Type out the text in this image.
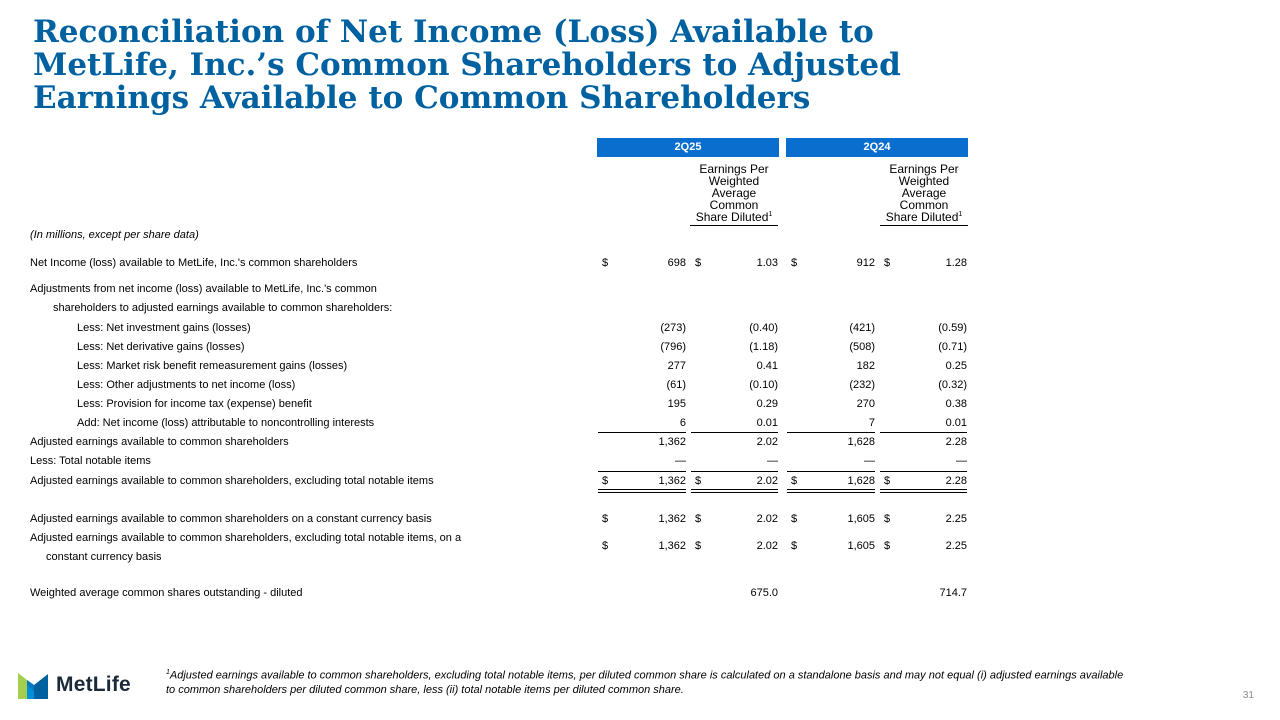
Reconciliation of Net Income (Loss) Available to
MetLife, Inc.’s Common Shareholders to Adjusted
Earnings Available to Common Shareholders
2Q25	2Q24
Earnings Per
Weighted
Average
Common
Share Diluted$^1$
Earnings Per
Weighted
Average
Common
Share Diluted$^1$
(In millions, except per share data)
Net Income (loss) available to MetLife, Inc.'s common shareholders	$	698 $	1.03 $	912 $	1.28
Adjustments from net income (loss) available to MetLife, Inc.'s common
shareholders to adjusted earnings available to common shareholders:
Less: Net investment gains (losses)	(273)	(0.40)	(421)	(0.59)
Less: Net derivative gains (losses)	(796)	(1.18)	(508)	(0.71)
Less: Market risk benefit remeasurement gains (losses)	277	0.41	182	0.25
Less: Other adjustments to net income (loss)	(61)	(0.10)	(232)	(0.32)
Less: Provision for income tax (expense) benefit	195	0.29	270	0.38
Add: Net income (loss) attributable to noncontrolling interests	6	0.01	7	0.01
Adjusted earnings available to common shareholders	1,362	2.02	1,628	2.28
Less: Total notable items	—	—	—	—
Adjusted earnings available to common shareholders, excluding total notable items	$	1,362 $	2.02 $	1,628 $	2.28
Adjusted earnings available to common shareholders on a constant currency basis	$	1,362 $	2.02 $	1,605 $	2.25
Adjusted earnings available to common shareholders, excluding total notable items, on a
$	1,362 $	2.02 $	1,605 $	2.25
constant currency basis
Weighted average common shares outstanding - diluted	675.0	714.7
MetLife
$^1$Adjusted earnings available to common shareholders, excluding total notable items, per diluted common share is calculated on a standalone basis and may not equal (i) adjusted earnings available to common shareholders per diluted common share, less (ii) total notable items per diluted common share.	31
